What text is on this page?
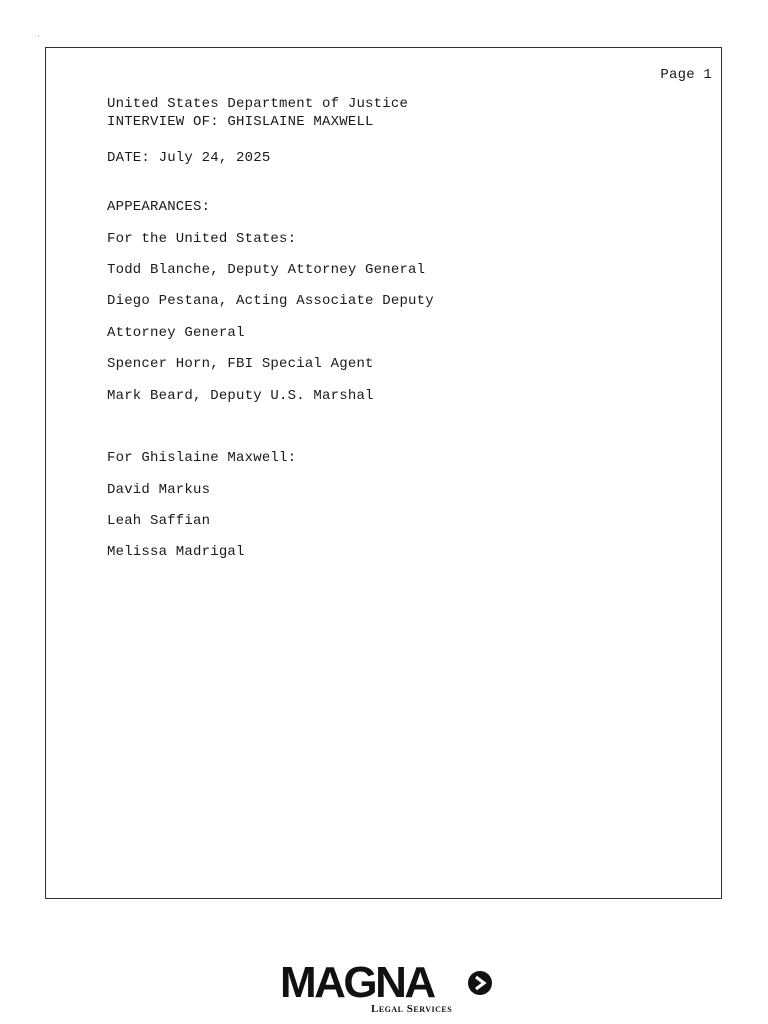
Page 1
United States Department of Justice
INTERVIEW OF: GHISLAINE MAXWELL
DATE: July 24, 2025
APPEARANCES:
For the United States:
Todd Blanche, Deputy Attorney General
Diego Pestana, Acting Associate Deputy
Attorney General
Spencer Horn, FBI Special Agent
Mark Beard, Deputy U.S. Marshal
For Ghislaine Maxwell:
David Markus
Leah Saffian
Melissa Madrigal
MAGNA
Legal Services
